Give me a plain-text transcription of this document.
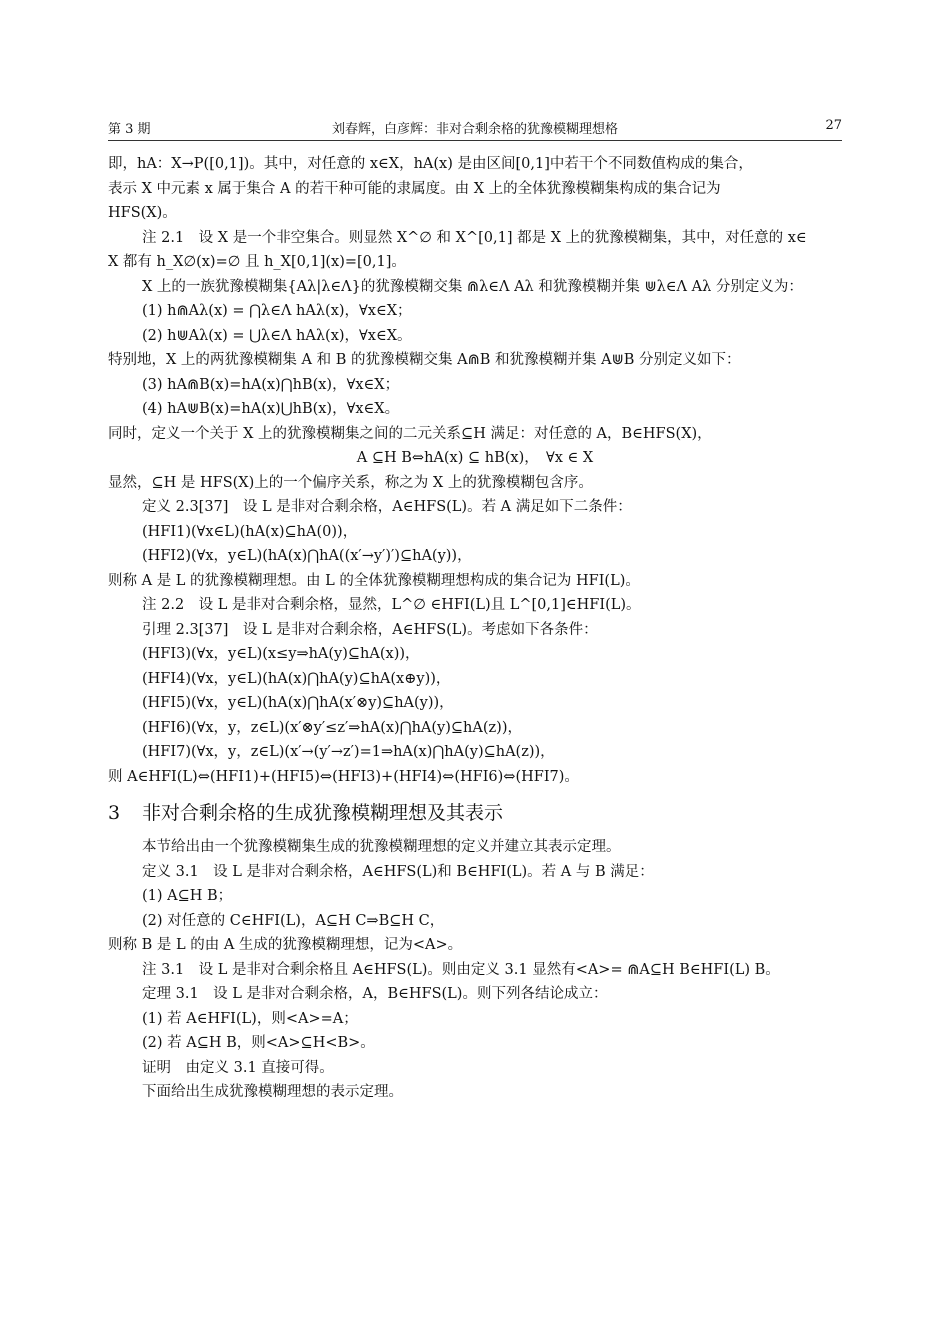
第 3 期	刘春辉，白彦辉：非对合剩余格的犹豫模糊理想格	27
即，hA：X→P([0,1])。其中，对任意的 x∈X，hA(x) 是由区间[0,1]中若干个不同数值构成的集合，
表示 X 中元素 x 属于集合 A 的若干种可能的隶属度。由 X 上的全体犹豫模糊集构成的集合记为
HFS(X)。
注 2.1　设 X 是一个非空集合。则显然 X^∅ 和 X^[0,1] 都是 X 上的犹豫模糊集，其中，对任意的 x∈
X 都有 h_X∅(x)=∅ 且 h_X[0,1](x)=[0,1]。
X 上的一族犹豫模糊集{Aλ|λ∈Λ}的犹豫模糊交集 ⋒λ∈Λ Aλ 和犹豫模糊并集 ⋓λ∈Λ Aλ 分别定义为：
(1) h⋒Aλ(x) = ⋂λ∈Λ hAλ(x)，∀x∈X；
(2) h⋓Aλ(x) = ⋃λ∈Λ hAλ(x)，∀x∈X。
特别地，X 上的两犹豫模糊集 A 和 B 的犹豫模糊交集 A⋒B 和犹豫模糊并集 A⋓B 分别定义如下：
(3) hA⋒B(x)=hA(x)⋂hB(x)，∀x∈X；
(4) hA⋓B(x)=hA(x)⋃hB(x)，∀x∈X。
同时，定义一个关于 X 上的犹豫模糊集之间的二元关系⊆H 满足：对任意的 A，B∈HFS(X)，
A ⊆H B⇔hA(x) ⊆ hB(x)，　∀x ∈ X
显然，⊆H 是 HFS(X)上的一个偏序关系，称之为 X 上的犹豫模糊包含序。
定义 2.3[37]　设 L 是非对合剩余格，A∈HFS(L)。若 A 满足如下二条件：
(HFI1)(∀x∈L)(hA(x)⊆hA(0))，
(HFI2)(∀x，y∈L)(hA(x)⋂hA((x′→y′)′)⊆hA(y))，
则称 A 是 L 的犹豫模糊理想。由 L 的全体犹豫模糊理想构成的集合记为 HFI(L)。
注 2.2　设 L 是非对合剩余格，显然，L^∅ ∈HFI(L)且 L^[0,1]∈HFI(L)。
引理 2.3[37]　设 L 是非对合剩余格，A∈HFS(L)。考虑如下各条件：
(HFI3)(∀x，y∈L)(x≤y⇒hA(y)⊆hA(x))，
(HFI4)(∀x，y∈L)(hA(x)⋂hA(y)⊆hA(x⊕y))，
(HFI5)(∀x，y∈L)(hA(x)⋂hA(x′⊗y)⊆hA(y))，
(HFI6)(∀x，y，z∈L)(x′⊗y′≤z′⇒hA(x)⋂hA(y)⊆hA(z))，
(HFI7)(∀x，y，z∈L)(x′→(y′→z′)=1⇒hA(x)⋂hA(y)⊆hA(z))，
则 A∈HFI(L)⇔(HFI1)+(HFI5)⇔(HFI3)+(HFI4)⇔(HFI6)⇔(HFI7)。
3 非对合剩余格的生成犹豫模糊理想及其表示
本节给出由一个犹豫模糊集生成的犹豫模糊理想的定义并建立其表示定理。
定义 3.1　设 L 是非对合剩余格，A∈HFS(L)和 B∈HFI(L)。若 A 与 B 满足：
(1) A⊆H B；
(2) 对任意的 C∈HFI(L)，A⊆H C⇒B⊆H C，
则称 B 是 L 的由 A 生成的犹豫模糊理想，记为<A>。
注 3.1　设 L 是非对合剩余格且 A∈HFS(L)。则由定义 3.1 显然有<A>= ⋒A⊆H B∈HFI(L) B。
定理 3.1　设 L 是非对合剩余格，A，B∈HFS(L)。则下列各结论成立：
(1) 若 A∈HFI(L)，则<A>=A；
(2) 若 A⊆H B，则<A>⊆H<B>。
证明　由定义 3.1 直接可得。
下面给出生成犹豫模糊理想的表示定理。
